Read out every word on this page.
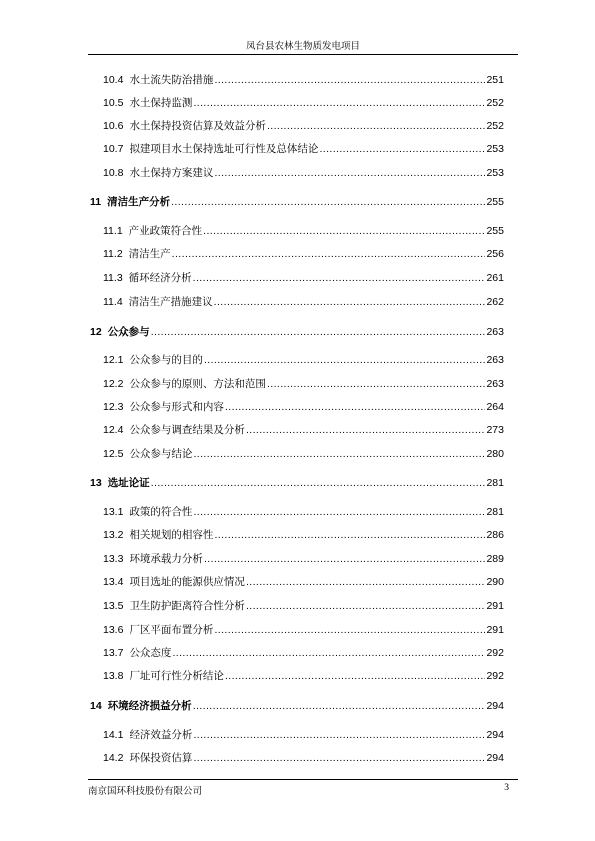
凤台县农林生物质发电项目
10.4 水土流失防治措施 .....	251
10.5 水土保持监测 .....	252
10.6 水土保持投资估算及效益分析 .....	252
10.7 拟建项目水土保持选址可行性及总体结论 .....	253
10.8 水土保持方案建议 .....	253
11 清洁生产分析 .....	255
11.1 产业政策符合性 .....	255
11.2 清洁生产 .....	256
11.3 循环经济分析 .....	261
11.4 清洁生产措施建议 .....	262
12 公众参与 .....	263
12.1 公众参与的目的 .....	263
12.2 公众参与的原则、方法和范围 .....	263
12.3 公众参与形式和内容 .....	264
12.4 公众参与调查结果及分析 .....	273
12.5 公众参与结论 .....	280
13 选址论证 .....	281
13.1 政策的符合性 .....	281
13.2 相关规划的相容性 .....	286
13.3 环境承载力分析 .....	289
13.4 项目选址的能源供应情况 .....	290
13.5 卫生防护距离符合性分析 .....	291
13.6 厂区平面布置分析 .....	291
13.7 公众态度 .....	292
13.8 厂址可行性分析结论 .....	292
14 环境经济损益分析 .....	294
14.1 经济效益分析 .....	294
14.2 环保投资估算 .....	294
南京国环科技股份有限公司	3
